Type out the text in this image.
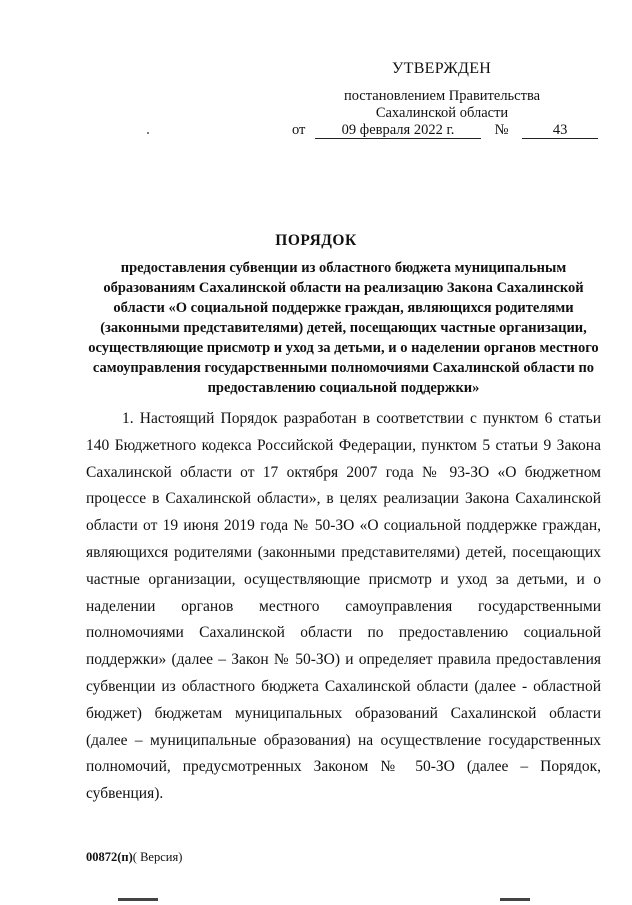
УТВЕРЖДЕН
постановлением Правительства
Сахалинской области
от	09 февраля 2022 г.	№	43
ПОРЯДОК
предоставления субвенции из областного бюджета муниципальным образованиям Сахалинской области на реализацию Закона Сахалинской области «О социальной поддержке граждан, являющихся родителями (законными представителями) детей, посещающих частные организации, осуществляющие присмотр и уход за детьми, и о наделении органов местного самоуправления государственными полномочиями Сахалинской области по предоставлению социальной поддержки»

1. Настоящий Порядок разработан в соответствии с пунктом 6 статьи 140 Бюджетного кодекса Российской Федерации, пунктом 5 статьи 9 Закона Сахалинской области от 17 октября 2007 года № 93-ЗО «О бюджетном процессе в Сахалинской области», в целях реализации Закона Сахалинской области от 19 июня 2019 года № 50-ЗО «О социальной поддержке граждан, являющихся родителями (законными представителями) детей, посещающих частные организации, осуществляющие присмотр и уход за детьми, и о наделении органов местного самоуправления государственными полномочиями Сахалинской области по предоставлению социальной поддержки» (далее – Закон № 50-ЗО) и определяет правила предоставления субвенции из областного бюджета Сахалинской области (далее - областной бюджет) бюджетам муниципальных образований Сахалинской области (далее – муниципальные образования) на осуществление государственных полномочий, предусмотренных Законом № 50-ЗО (далее – Порядок, субвенция).

00872(п)( Версия)
